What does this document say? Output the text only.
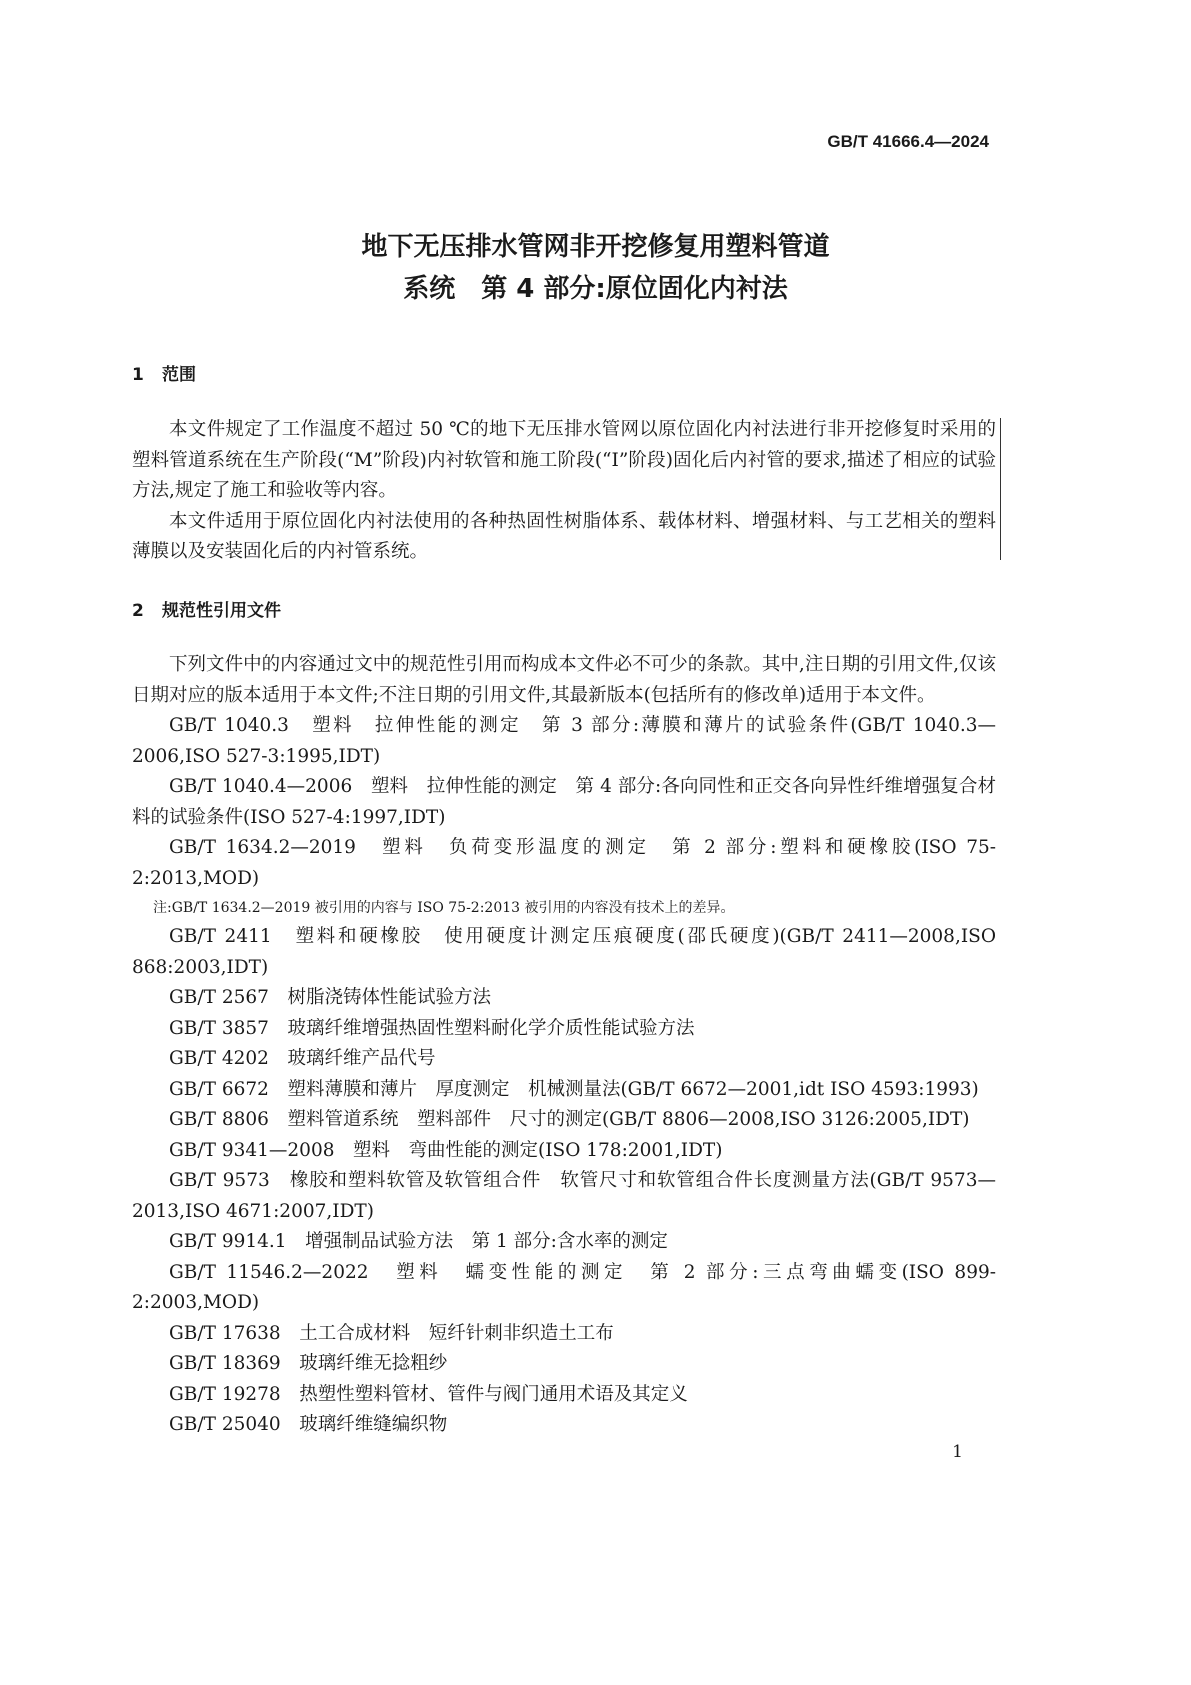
GB/T 41666.4—2024
地下无压排水管网非开挖修复用塑料管道
系统　第 4 部分:原位固化内衬法
1 范围

本文件规定了工作温度不超过 50 ℃的地下无压排水管网以原位固化内衬法进行非开挖修复时采用的塑料管道系统在生产阶段(“M”阶段)内衬软管和施工阶段(“I”阶段)固化后内衬管的要求,描述了相应的试验方法,规定了施工和验收等内容。

本文件适用于原位固化内衬法使用的各种热固性树脂体系、载体材料、增强材料、与工艺相关的塑料薄膜以及安装固化后的内衬管系统。

2 规范性引用文件

下列文件中的内容通过文中的规范性引用而构成本文件必不可少的条款。其中,注日期的引用文件,仅该日期对应的版本适用于本文件;不注日期的引用文件,其最新版本(包括所有的修改单)适用于本文件。

GB/T 1040.3　 塑料　拉伸性能的测定　第 3 部分:薄膜和薄片的试验条件(GB/T 1040.3—2006,ISO 527-3:1995,IDT)

GB/T 1040.4—2006　 塑料　拉伸性能的测定　第 4 部分:各向同性和正交各向异性纤维增强复合材料的试验条件(ISO 527-4:1997,IDT)

GB/T 1634.2—2019　 塑料　负荷变形温度的测定　第 2 部分:塑料和硬橡胶(ISO 75-2:2013,MOD)

注:GB/T 1634.2—2019 被引用的内容与 ISO 75-2:2013 被引用的内容没有技术上的差异。

GB/T 2411　 塑料和硬橡胶　使用硬度计测定压痕硬度(邵氏硬度)(GB/T 2411—2008,ISO 868:2003,IDT)

GB/T 2567　 树脂浇铸体性能试验方法

GB/T 3857　 玻璃纤维增强热固性塑料耐化学介质性能试验方法

GB/T 4202　 玻璃纤维产品代号

GB/T 6672　 塑料薄膜和薄片　厚度测定　机械测量法(GB/T 6672—2001,idt ISO 4593:1993)

GB/T 8806　 塑料管道系统　塑料部件　尺寸的测定(GB/T 8806—2008,ISO 3126:2005,IDT)

GB/T 9341—2008　 塑料　弯曲性能的测定(ISO 178:2001,IDT)

GB/T 9573　 橡胶和塑料软管及软管组合件　软管尺寸和软管组合件长度测量方法(GB/T 9573—2013,ISO 4671:2007,IDT)

GB/T 9914.1　 增强制品试验方法　第 1 部分:含水率的测定

GB/T 11546.2—2022　 塑料　蠕变性能的测定　第 2 部分:三点弯曲蠕变(ISO 899-2:2003,MOD)

GB/T 17638　 土工合成材料　短纤针刺非织造土工布

GB/T 18369　 玻璃纤维无捻粗纱

GB/T 19278　 热塑性塑料管材、管件与阀门通用术语及其定义

GB/T 25040　 玻璃纤维缝编织物

1
